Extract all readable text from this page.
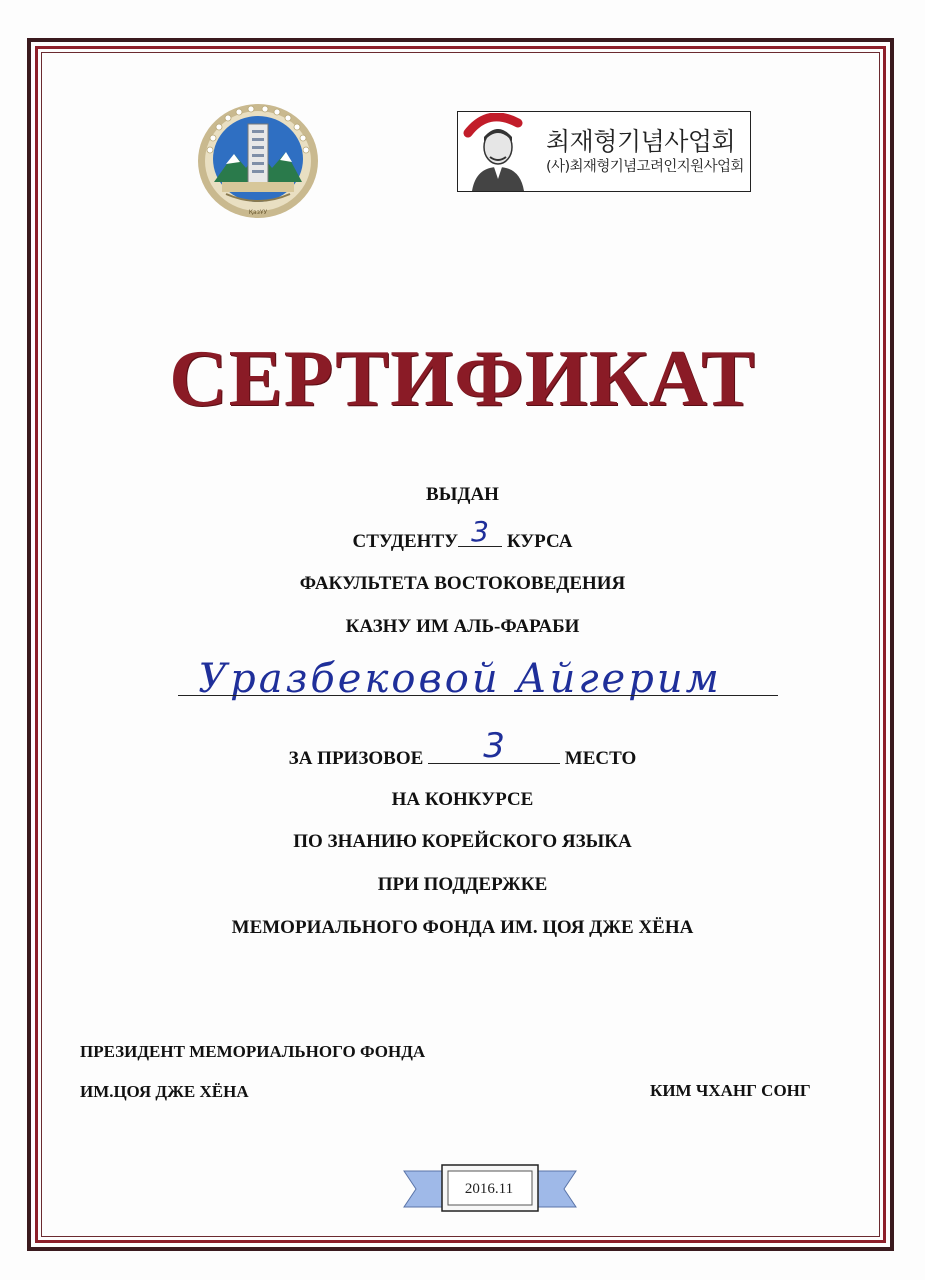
ҚазҰУ
최재형기념사업회
(사)최재형기념고려인지원사업회
СЕРТИФИКАТ
ВЫДАН
СТУДЕНТУ 3 КУРСА
ФАКУЛЬТЕТА ВОСТОКОВЕДЕНИЯ
КАЗНУ ИМ АЛЬ-ФАРАБИ
Уразбековой Айгерим
ЗА ПРИЗОВОЕ	3	МЕСТО
НА КОНКУРСЕ
ПО ЗНАНИЮ КОРЕЙСКОГО ЯЗЫКА
ПРИ ПОДДЕРЖКЕ
МЕМОРИАЛЬНОГО ФОНДА ИМ. ЦОЯ ДЖЕ ХЁНА
ПРЕЗИДЕНТ МЕМОРИАЛЬНОГО ФОНДА
ИМ.ЦОЯ ДЖЕ ХЁНА	КИМ ЧХАНГ СОНГ
2016.11
